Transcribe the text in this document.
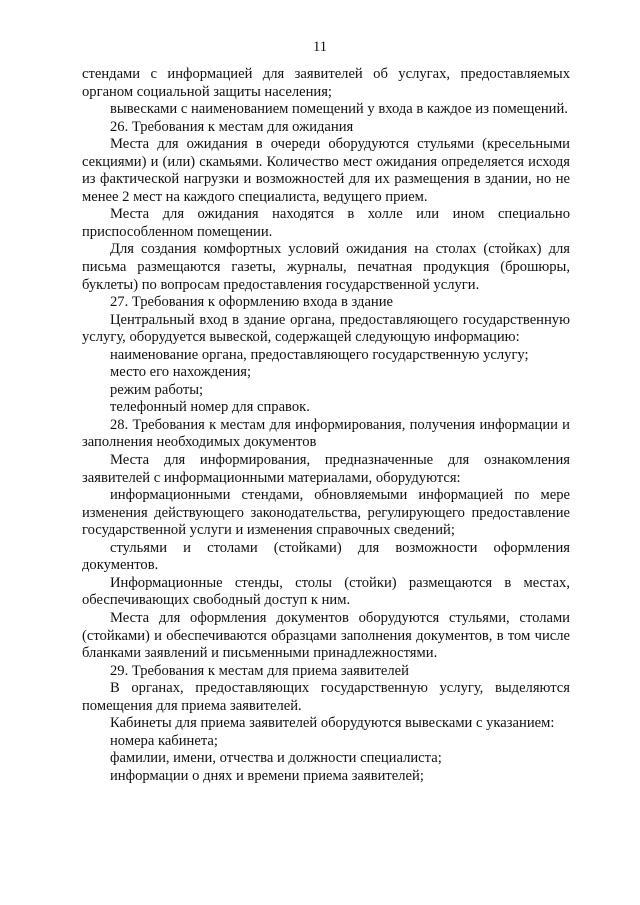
11

стендами с информацией для заявителей об услугах, предоставляемых органом социальной защиты населения;

вывесками с наименованием помещений у входа в каждое из помещений.

26. Требования к местам для ожидания

Места для ожидания в очереди оборудуются стульями (кресельными секциями) и (или) скамьями. Количество мест ожидания определяется исходя из фактической нагрузки и возможностей для их размещения в здании, но не менее 2 мест на каждого специалиста, ведущего прием.

Места для ожидания находятся в холле или ином специально приспособленном помещении.

Для создания комфортных условий ожидания на столах (стойках) для письма размещаются газеты, журналы, печатная продукция (брошюры, буклеты) по вопросам предоставления государственной услуги.

27. Требования к оформлению входа в здание

Центральный вход в здание органа, предоставляющего государственную услугу, оборудуется вывеской, содержащей следующую информацию:

наименование органа, предоставляющего государственную услугу;

место его нахождения;

режим работы;

телефонный номер для справок.

28. Требования к местам для информирования, получения информации и заполнения необходимых документов

Места для информирования, предназначенные для ознакомления заявителей с информационными материалами, оборудуются:

информационными стендами, обновляемыми информацией по мере изменения действующего законодательства, регулирующего предоставление государственной услуги и изменения справочных сведений;

стульями и столами (стойками) для возможности оформления документов.

Информационные стенды, столы (стойки) размещаются в местах, обеспечивающих свободный доступ к ним.

Места для оформления документов оборудуются стульями, столами (стойками) и обеспечиваются образцами заполнения документов, в том числе бланками заявлений и письменными принадлежностями.

29. Требования к местам для приема заявителей

В органах, предоставляющих государственную услугу, выделяются помещения для приема заявителей.

Кабинеты для приема заявителей оборудуются вывесками с указанием:

номера кабинета;

фамилии, имени, отчества и должности специалиста;

информации о днях и времени приема заявителей;
